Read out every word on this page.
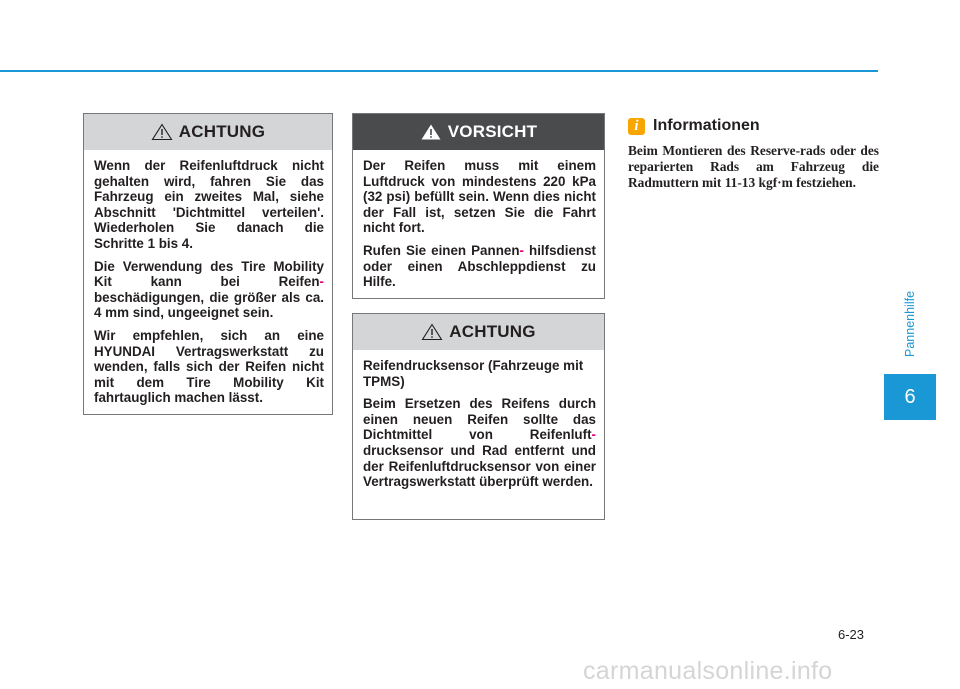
ACHTUNG

Wenn der Reifenluftdruck nicht gehalten wird, fahren Sie das Fahrzeug ein zweites Mal, siehe Abschnitt 'Dichtmittel verteilen'. Wiederholen Sie danach die Schritte 1 bis 4.

Die Verwendung des Tire Mobility Kit kann bei Reifen- beschädigungen, die größer als ca. 4 mm sind, ungeeignet sein.

Wir empfehlen, sich an eine HYUNDAI Vertragswerkstatt zu wenden, falls sich der Reifen nicht mit dem Tire Mobility Kit fahrtauglich machen lässt.

VORSICHT

Der Reifen muss mit einem Luftdruck von mindestens 220 kPa (32 psi) befüllt sein. Wenn dies nicht der Fall ist, setzen Sie die Fahrt nicht fort.

Rufen Sie einen Pannen- hilfsdienst oder einen Abschleppdienst zu Hilfe.

ACHTUNG

Reifendrucksensor (Fahrzeuge mit TPMS)

Beim Ersetzen des Reifens durch einen neuen Reifen sollte das Dichtmittel von Reifenluft- drucksensor und Rad entfernt und der Reifenluftdrucksensor von einer Vertragswerkstatt überprüft werden.

i Informationen
Beim Montieren des Reserve-rads oder des reparierten Rads am Fahrzeug die Radmuttern mit 11-13 kgf·m festziehen.
Pannenhilfe
6
6-23
carmanualsonline.info
